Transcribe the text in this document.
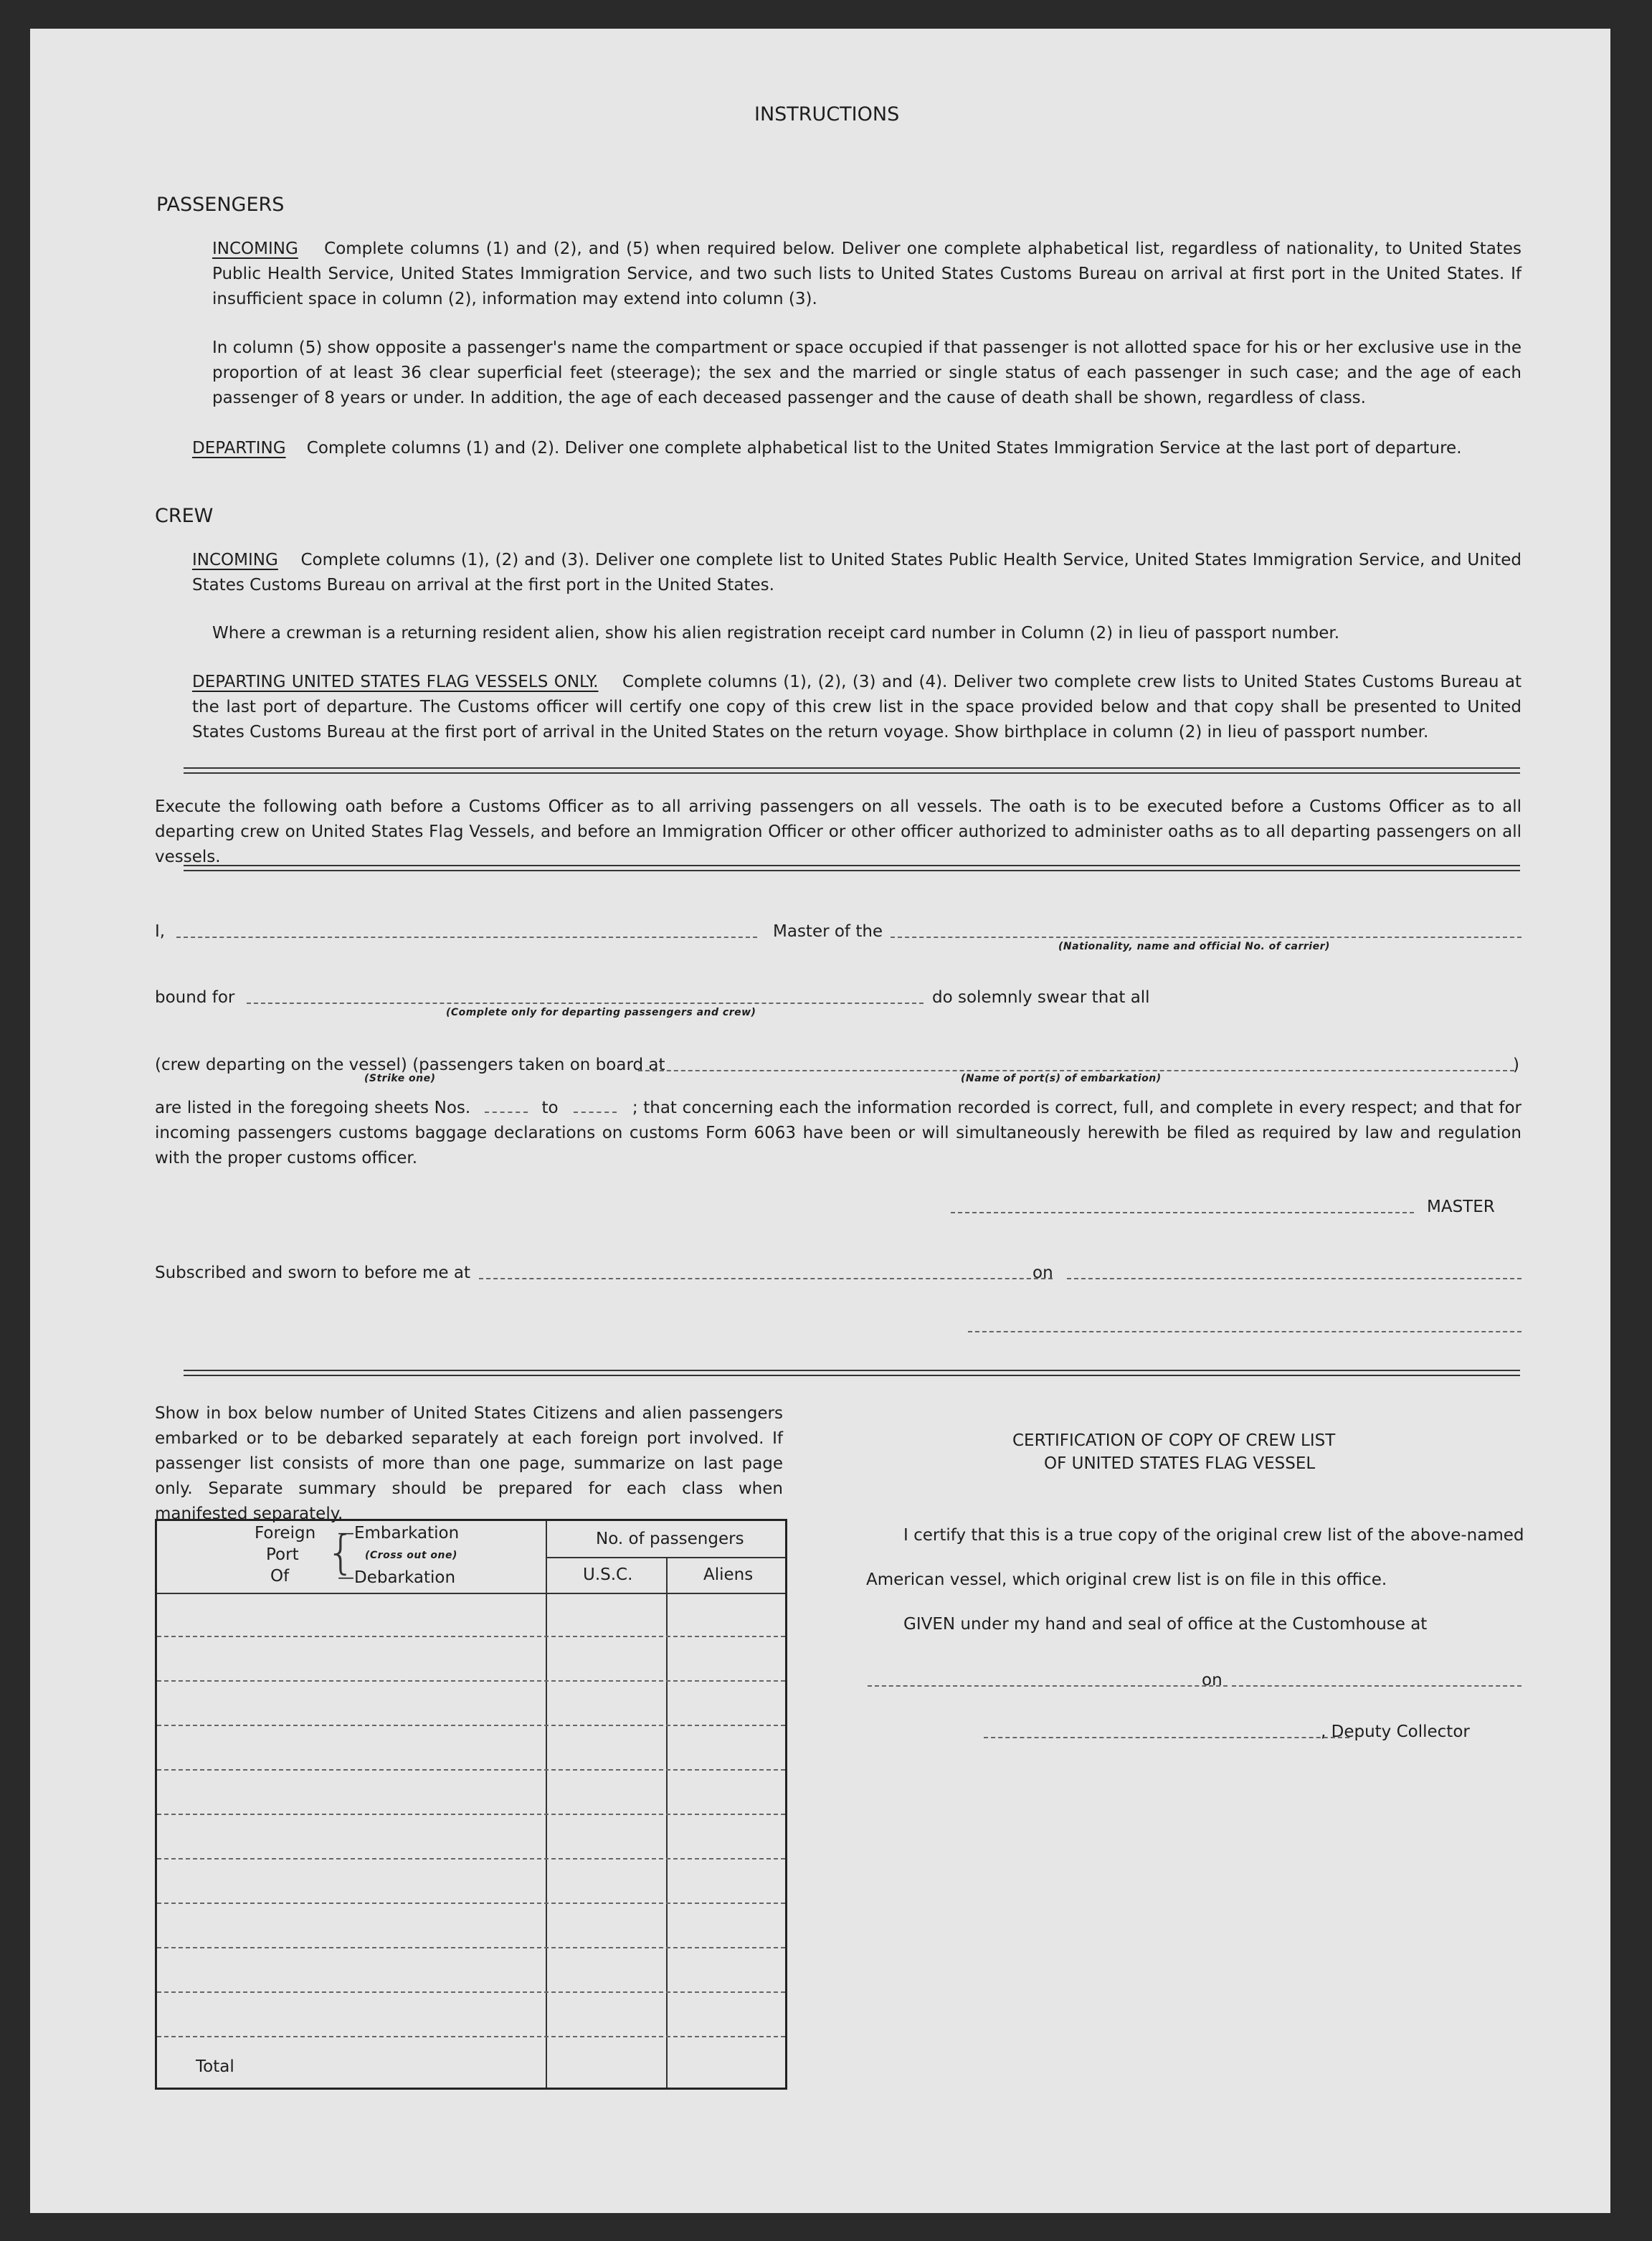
INSTRUCTIONS
PASSENGERS
INCOMING Complete columns (1) and (2), and (5) when required below. Deliver one complete alphabetical list, regardless of nationality, to United States Public Health Service, United States Immigration Service, and two such lists to United States Customs Bureau on arrival at first port in the United States. If insufficient space in column (2), information may extend into column (3).
In column (5) show opposite a passenger's name the compartment or space occupied if that passenger is not allotted space for his or her exclusive use in the proportion of at least 36 clear superficial feet (steerage); the sex and the married or single status of each passenger in such case; and the age of each passenger of 8 years or under. In addition, the age of each deceased passenger and the cause of death shall be shown, regardless of class.
DEPARTING Complete columns (1) and (2). Deliver one complete alphabetical list to the United States Immigration Service at the last port of departure.
CREW
INCOMING Complete columns (1), (2) and (3). Deliver one complete list to United States Public Health Service, United States Immigration Service, and United States Customs Bureau on arrival at the first port in the United States.
Where a crewman is a returning resident alien, show his alien registration receipt card number in Column (2) in lieu of passport number.
DEPARTING UNITED STATES FLAG VESSELS ONLY. Complete columns (1), (2), (3) and (4). Deliver two complete crew lists to United States Customs Bureau at the last port of departure. The Customs officer will certify one copy of this crew list in the space provided below and that copy shall be presented to United States Customs Bureau at the first port of arrival in the United States on the return voyage. Show birthplace in column (2) in lieu of passport number.
Execute the following oath before a Customs Officer as to all arriving passengers on all vessels. The oath is to be executed before a Customs Officer as to all departing crew on United States Flag Vessels, and before an Immigration Officer or other officer authorized to administer oaths as to all departing passengers on all vessels.
I,	Master of the
(Nationality, name and official No. of carrier)
bound for
(Complete only for departing passengers and crew)
do solemnly swear that all
(crew departing on the vessel) (passengers taken on board at	)
(Strike one)	(Name of port(s) of embarkation)
are listed in the foregoing sheets Nos.	to	; that concerning each the information recorded is correct, full, and complete in every respect; and that for incoming passengers customs baggage declarations on customs Form 6063 have been or will simultaneously herewith be filed as required by law and regulation with the proper customs officer.
MASTER
Subscribed and sworn to before me at	on
Show in box below number of United States Citizens and alien passengers embarked or to be debarked separately at each foreign port involved. If passenger list consists of more than one page, summarize on last page only. Separate summary should be prepared for each class when manifested separately.
Foreign
Port
Of {
—Embarkation
(Cross out one)
—Debarkation
No. of passengers
U.S.C.	Aliens
Total
CERTIFICATION OF COPY OF CREW LIST
OF UNITED STATES FLAG VESSEL
I certify that this is a true copy of the original crew list of the above-named
American vessel, which original crew list is on file in this office.
GIVEN under my hand and seal of office at the Customhouse at
on
, Deputy Collector
